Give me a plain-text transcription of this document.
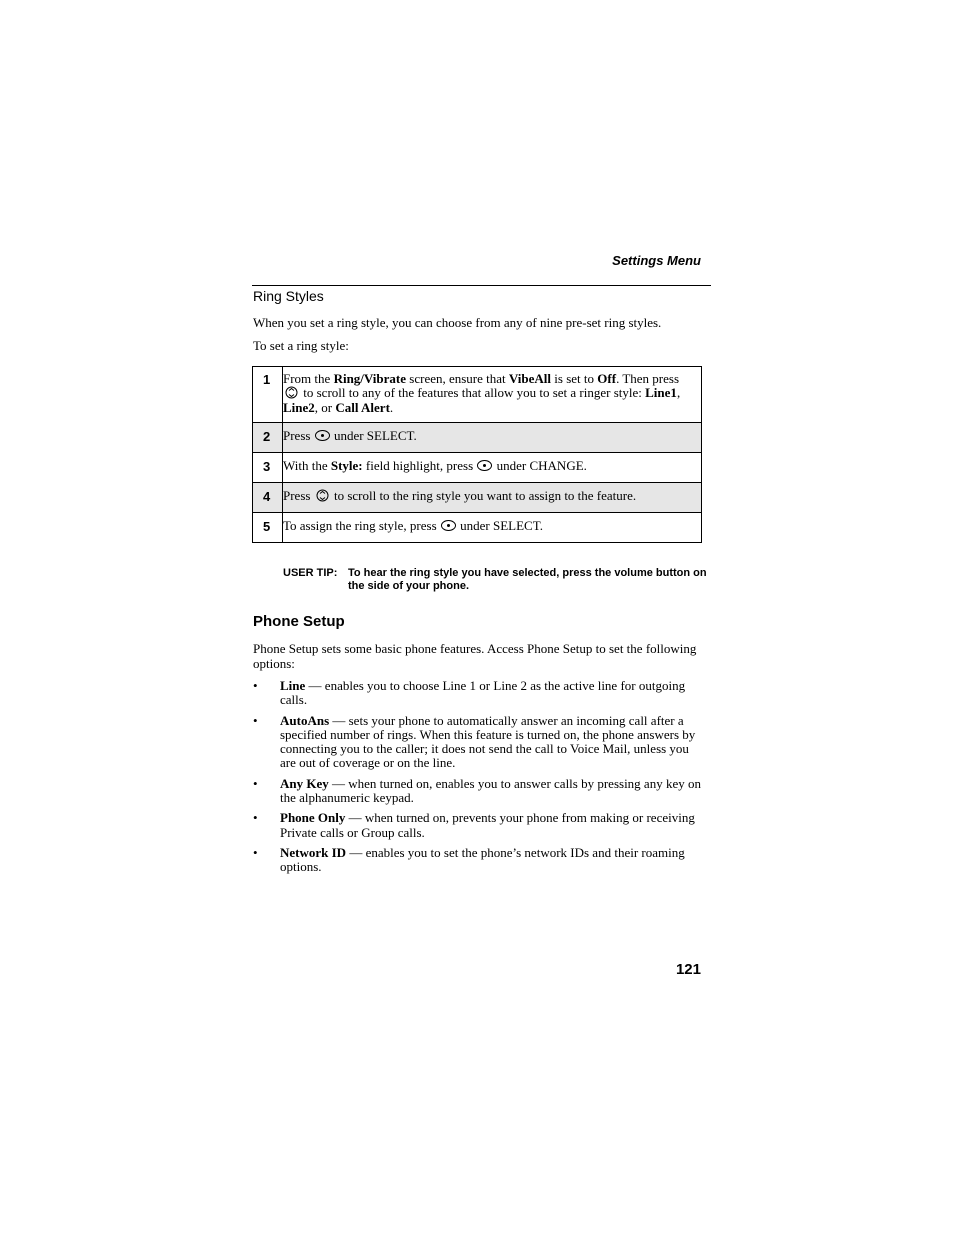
Settings Menu
Ring Styles
When you set a ring style, you can choose from any of nine pre-set ring styles.
To set a ring style:
1	From the Ring/Vibrate screen, ensure that VibeAll is set to Off. Then press  to scroll to any of the features that allow you to set a ringer style: Line1, Line2, or Call Alert.
2	Press  under SELECT.
3	With the Style: field highlight, press  under CHANGE.
4	Press  to scroll to the ring style you want to assign to the feature.
5	To assign the ring style, press  under SELECT.
USER TIP: To hear the ring style you have selected, press the volume button on the side of your phone.
Phone Setup
Phone Setup sets some basic phone features. Access Phone Setup to set the following options:
• Line — enables you to choose Line 1 or Line 2 as the active line for outgoing calls.
• AutoAns — sets your phone to automatically answer an incoming call after a specified number of rings. When this feature is turned on, the phone answers by connecting you to the caller; it does not send the call to Voice Mail, unless you are out of coverage or on the line.
• Any Key — when turned on, enables you to answer calls by pressing any key on the alphanumeric keypad.
• Phone Only — when turned on, prevents your phone from making or receiving Private calls or Group calls.
• Network ID — enables you to set the phone’s network IDs and their roaming options.
121
